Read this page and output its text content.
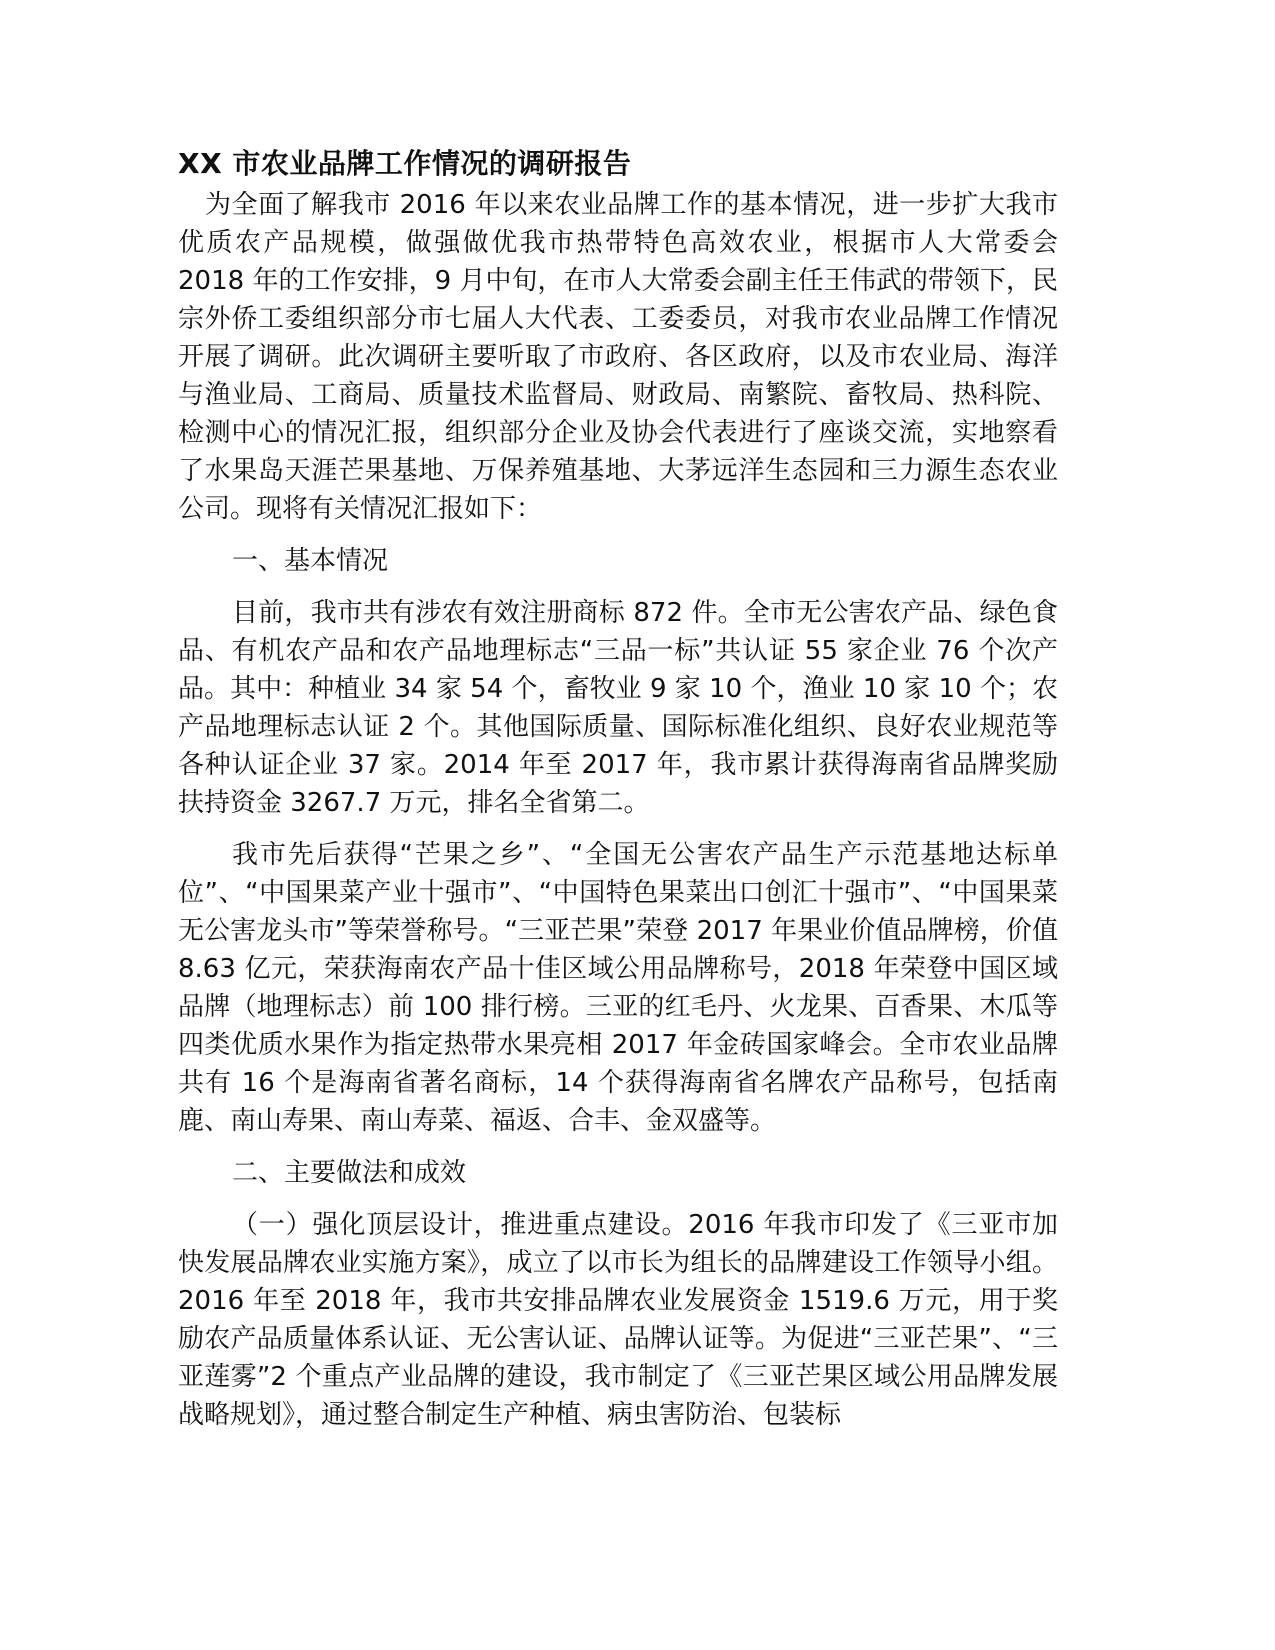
XX 市农业品牌工作情况的调研报告

为全面了解我市 2016 年以来农业品牌工作的基本情况，进一步扩大我市优质农产品规模，做强做优我市热带特色高效农业，根据市人大常委会 2018 年的工作安排，9 月中旬，在市人大常委会副主任王伟武的带领下，民宗外侨工委组织部分市七届人大代表、工委委员，对我市农业品牌工作情况开展了调研。此次调研主要听取了市政府、各区政府，以及市农业局、海洋与渔业局、工商局、质量技术监督局、财政局、南繁院、畜牧局、热科院、检测中心的情况汇报，组织部分企业及协会代表进行了座谈交流，实地察看了水果岛天涯芒果基地、万保养殖基地、大茅远洋生态园和三力源生态农业公司。现将有关情况汇报如下：

一、基本情况

目前，我市共有涉农有效注册商标 872 件。全市无公害农产品、绿色食品、有机农产品和农产品地理标志“三品一标”共认证 55 家企业 76 个次产品。其中：种植业 34 家 54 个，畜牧业 9 家 10 个，渔业 10 家 10 个；农产品地理标志认证 2 个。其他国际质量、国际标准化组织、良好农业规范等各种认证企业 37 家。2014 年至 2017 年，我市累计获得海南省品牌奖励扶持资金 3267.7 万元，排名全省第二。

我市先后获得“芒果之乡”、“全国无公害农产品生产示范基地达标单位”、“中国果菜产业十强市”、“中国特色果菜出口创汇十强市”、“中国果菜无公害龙头市”等荣誉称号。“三亚芒果”荣登 2017 年果业价值品牌榜，价值 8.63 亿元，荣获海南农产品十佳区域公用品牌称号，2018 年荣登中国区域品牌（地理标志）前 100 排行榜。三亚的红毛丹、火龙果、百香果、木瓜等四类优质水果作为指定热带水果亮相 2017 年金砖国家峰会。全市农业品牌共有 16 个是海南省著名商标，14 个获得海南省名牌农产品称号，包括南鹿、南山寿果、南山寿菜、福返、合丰、金双盛等。

二、主要做法和成效

（一）强化顶层设计，推进重点建设。2016 年我市印发了《三亚市加快发展品牌农业实施方案》，成立了以市长为组长的品牌建设工作领导小组。2016 年至 2018 年，我市共安排品牌农业发展资金 1519.6 万元，用于奖励农产品质量体系认证、无公害认证、品牌认证等。为促进“三亚芒果”、“三亚莲雾”2 个重点产业品牌的建设，我市制定了《三亚芒果区域公用品牌发展战略规划》，通过整合制定生产种植、病虫害防治、包装标
